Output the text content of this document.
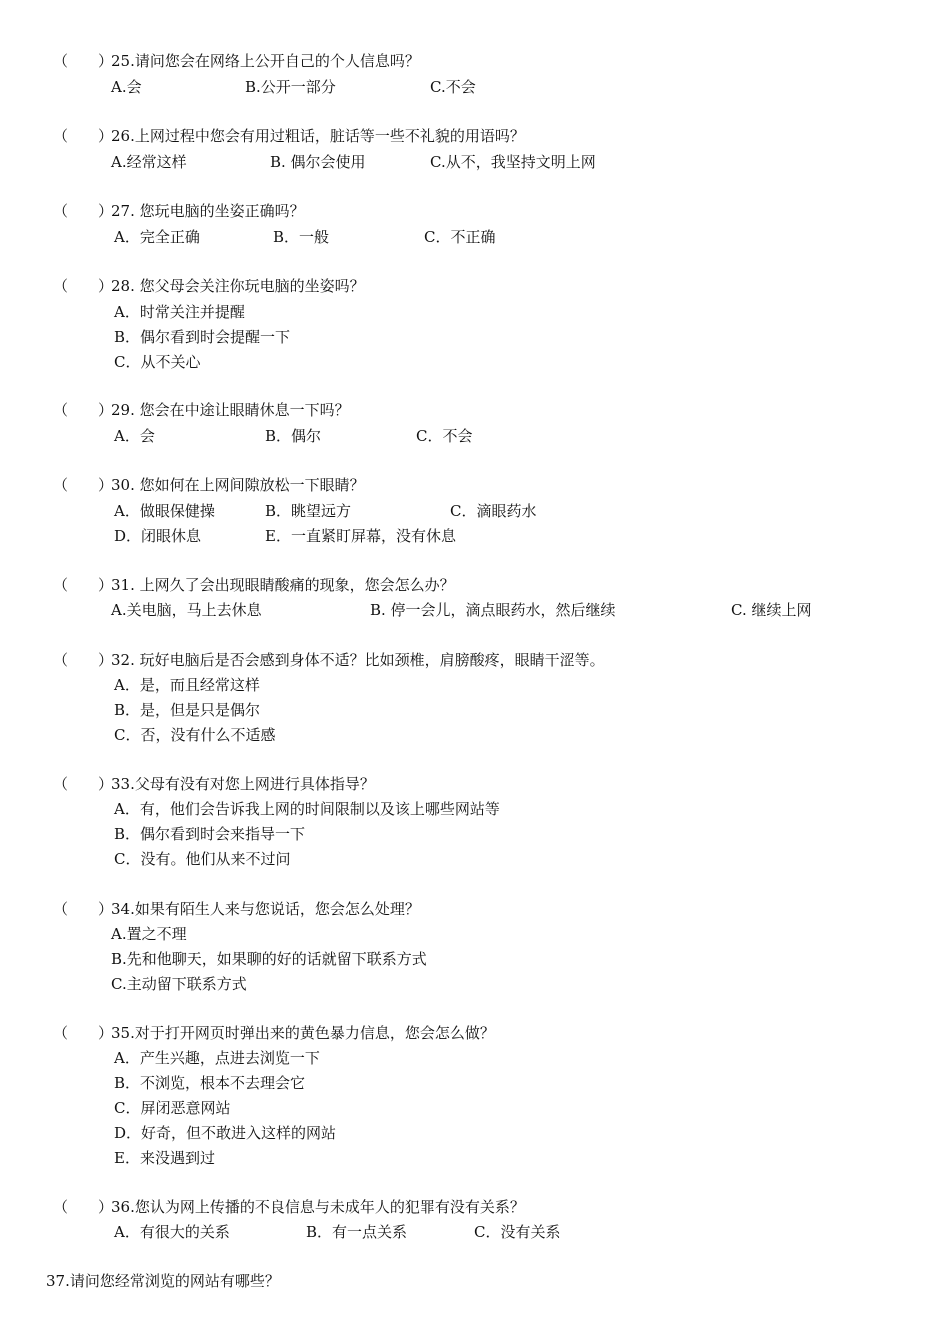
（ ）
25.请问您会在网络上公开自己的个人信息吗？
A.会	B.公开一部分	C.不会
（ ）
26.上网过程中您会有用过粗话，脏话等一些不礼貌的用语吗？
A.经常这样	B. 偶尔会使用	C.从不，我坚持文明上网
（ ）
27. 您玩电脑的坐姿正确吗？
A．完全正确	B．一般	C．不正确
（ ）
28. 您父母会关注你玩电脑的坐姿吗？
A．时常关注并提醒
B．偶尔看到时会提醒一下
C．从不关心
（ ）
29. 您会在中途让眼睛休息一下吗？
A．会	B．偶尔	C．不会
（ ）
30. 您如何在上网间隙放松一下眼睛？
A．做眼保健操	B．眺望远方	C．滴眼药水
D．闭眼休息	E．一直紧盯屏幕，没有休息
（ ）
31. 上网久了会出现眼睛酸痛的现象，您会怎么办？
A.关电脑，马上去休息	B. 停一会儿，滴点眼药水，然后继续	C. 继续上网
（ ）
32. 玩好电脑后是否会感到身体不适？比如颈椎，肩膀酸疼，眼睛干涩等。
A．是，而且经常这样
B．是，但是只是偶尔
C．否，没有什么不适感
（ ）
33.父母有没有对您上网进行具体指导？
A．有，他们会告诉我上网的时间限制以及该上哪些网站等
B．偶尔看到时会来指导一下
C．没有。他们从来不过问
（ ）
34.如果有陌生人来与您说话，您会怎么处理？
A.置之不理
B.先和他聊天，如果聊的好的话就留下联系方式
C.主动留下联系方式
（ ）
35.对于打开网页时弹出来的黄色暴力信息，您会怎么做？
A．产生兴趣，点进去浏览一下
B．不浏览，根本不去理会它
C．屏闭恶意网站
D．好奇，但不敢进入这样的网站
E．来没遇到过
（ ）
36.您认为网上传播的不良信息与未成年人的犯罪有没有关系？
A．有很大的关系	B．有一点关系	C．没有关系
37.请问您经常浏览的网站有哪些？
